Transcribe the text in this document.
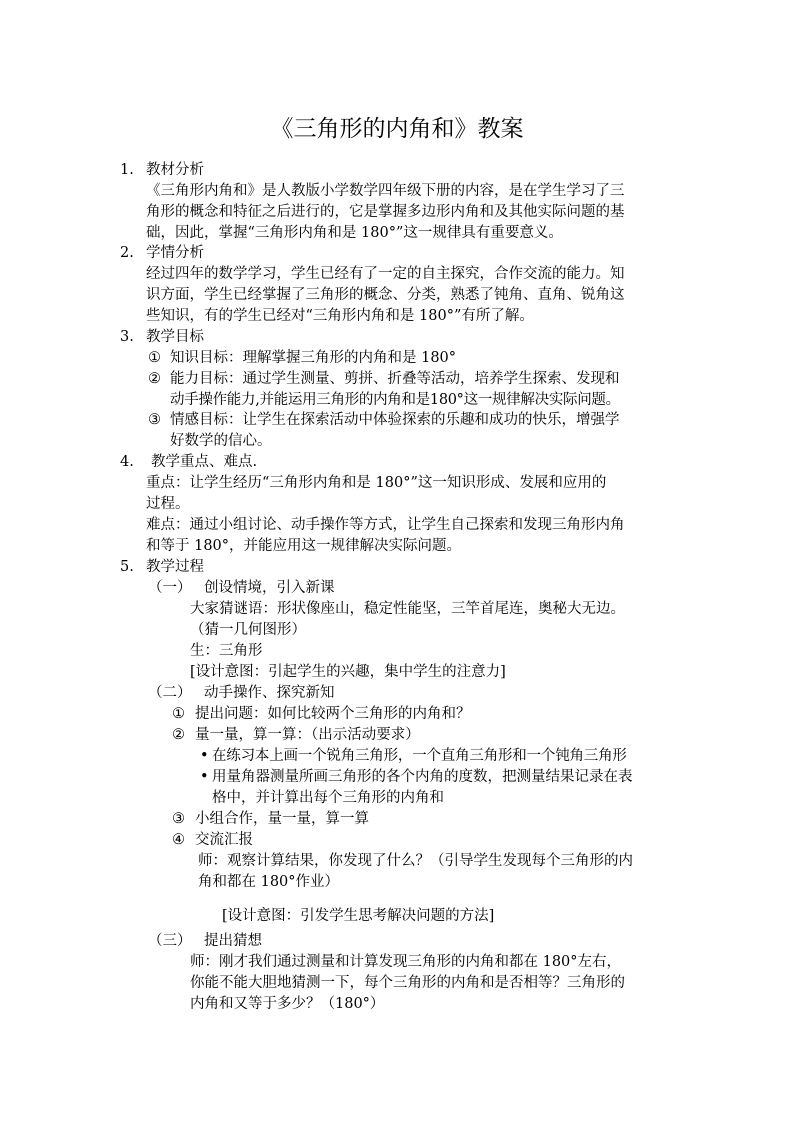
《三角形的内角和》教案
1. 教材分析
《三角形内角和》是人教版小学数学四年级下册的内容，是在学生学习了三
角形的概念和特征之后进行的，它是掌握多边形内角和及其他实际问题的基
础，因此，掌握“三角形内角和是 180°”这一规律具有重要意义。
2. 学情分析
经过四年的数学学习，学生已经有了一定的自主探究，合作交流的能力。知
识方面，学生已经掌握了三角形的概念、分类，熟悉了钝角、直角、锐角这
些知识，有的学生已经对“三角形内角和是 180°”有所了解。
3. 教学目标
① 知识目标：理解掌握三角形的内角和是 180°
② 能力目标：通过学生测量、剪拼、折叠等活动，培养学生探索、发现和
动手操作能力,并能运用三角形的内角和是180°这一规律解决实际问题。
③ 情感目标：让学生在探索活动中体验探索的乐趣和成功的快乐，增强学
好数学的信心。
4. 教学重点、难点.
重点：让学生经历“三角形内角和是 180°”这一知识形成、发展和应用的
过程。
难点：通过小组讨论、动手操作等方式，让学生自己探索和发现三角形内角
和等于 180°，并能应用这一规律解决实际问题。
5. 教学过程
（一） 创设情境，引入新课
大家猜谜语：形状像座山，稳定性能坚，三竿首尾连，奥秘大无边。
（猜一几何图形）
生：三角形
[设计意图：引起学生的兴趣，集中学生的注意力]
（二） 动手操作、探究新知
① 提出问题：如何比较两个三角形的内角和？
② 量一量，算一算：（出示活动要求）
• 在练习本上画一个锐角三角形，一个直角三角形和一个钝角三角形
• 用量角器测量所画三角形的各个内角的度数，把测量结果记录在表
格中，并计算出每个三角形的内角和
③ 小组合作，量一量，算一算
④ 交流汇报
师：观察计算结果，你发现了什么？（引导学生发现每个三角形的内
角和都在 180°作业）
[设计意图：引发学生思考解决问题的方法]
（三） 提出猜想
师：刚才我们通过测量和计算发现三角形的内角和都在 180°左右，
你能不能大胆地猜测一下，每个三角形的内角和是否相等？三角形的
内角和又等于多少？（180°）
